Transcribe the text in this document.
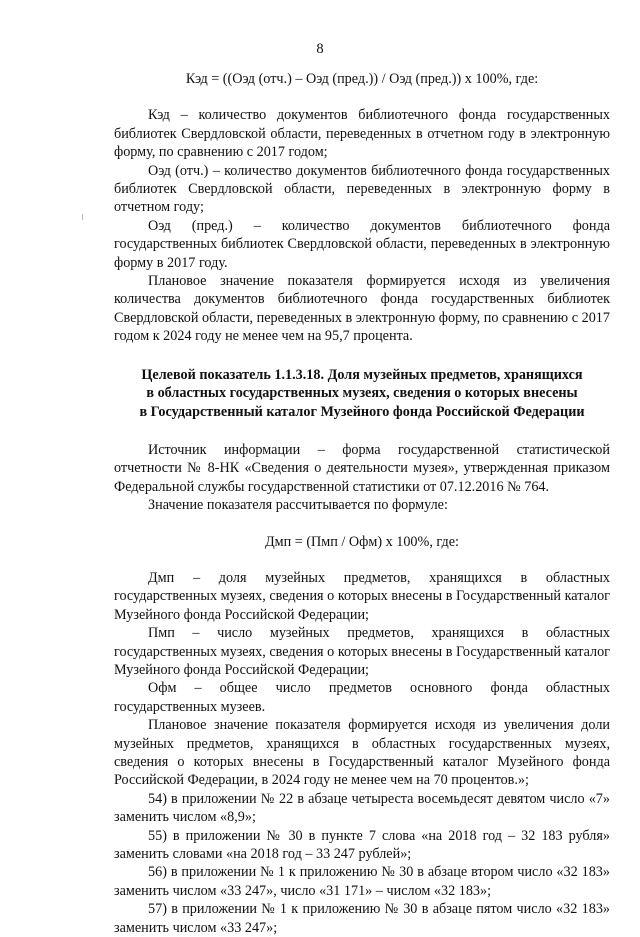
8
Кэд = ((Оэд (отч.) – Оэд (пред.)) / Оэд (пред.)) x 100%, где:

Кэд – количество документов библиотечного фонда государственных библиотек Свердловской области, переведенных в отчетном году в электронную форму, по сравнению с 2017 годом;

Оэд (отч.) – количество документов библиотечного фонда государственных библиотек Свердловской области, переведенных в электронную форму в отчетном году;

Оэд (пред.) – количество документов библиотечного фонда государственных библиотек Свердловской области, переведенных в электронную форму в 2017 году.

Плановое значение показателя формируется исходя из увеличения количества документов библиотечного фонда государственных библиотек Свердловской области, переведенных в электронную форму, по сравнению с 2017 годом к 2024 году не менее чем на 95,7 процента.

Целевой показатель 1.1.3.18. Доля музейных предметов, хранящихся
в областных государственных музеях, сведения о которых внесены
в Государственный каталог Музейного фонда Российской Федерации

Источник информации – форма государственной статистической отчетности № 8-НК «Сведения о деятельности музея», утвержденная приказом Федеральной службы государственной статистики от 07.12.2016 № 764.

Значение показателя рассчитывается по формуле:

Дмп = (Пмп / Офм) x 100%, где:

Дмп – доля музейных предметов, хранящихся в областных государственных музеях, сведения о которых внесены в Государственный каталог Музейного фонда Российской Федерации;

Пмп – число музейных предметов, хранящихся в областных государственных музеях, сведения о которых внесены в Государственный каталог Музейного фонда Российской Федерации;

Офм – общее число предметов основного фонда областных государственных музеев.

Плановое значение показателя формируется исходя из увеличения доли музейных предметов, хранящихся в областных государственных музеях, сведения о которых внесены в Государственный каталог Музейного фонда Российской Федерации, в 2024 году не менее чем на 70 процентов.»;

54) в приложении № 22 в абзаце четыреста восемьдесят девятом число «7» заменить числом «8,9»;

55) в приложении № 30 в пункте 7 слова «на 2018 год – 32 183 рубля» заменить словами «на 2018 год – 33 247 рублей»;

56) в приложении № 1 к приложению № 30 в абзаце втором число «32 183» заменить числом «33 247», число «31 171» – числом «32 183»;

57) в приложении № 1 к приложению № 30 в абзаце пятом число «32 183» заменить числом «33 247»;
